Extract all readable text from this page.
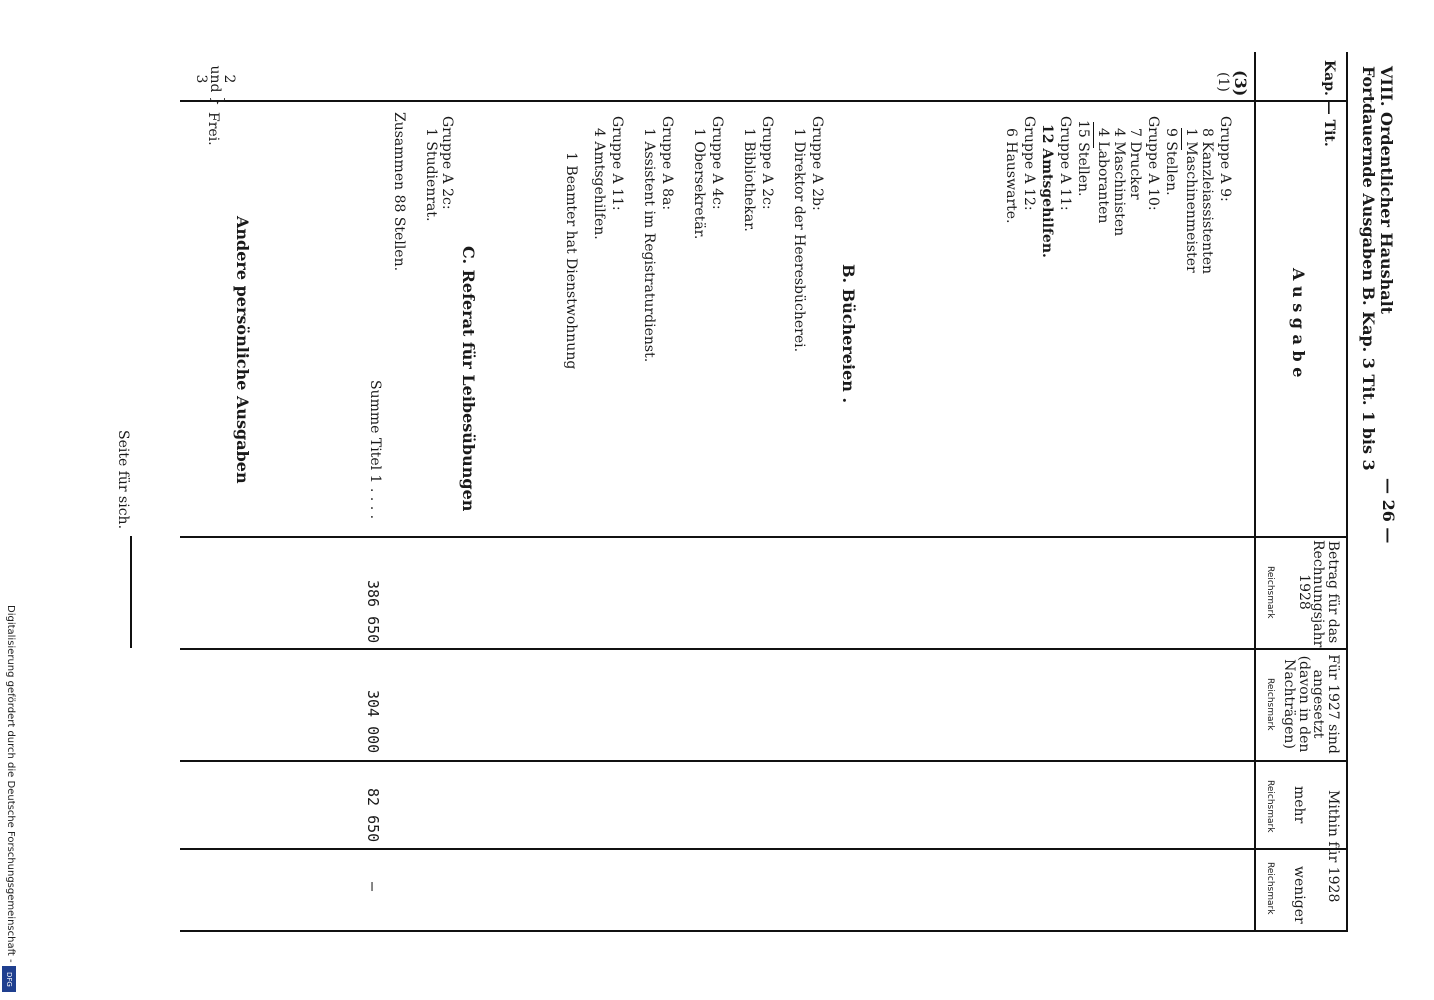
VIII. Ordentlicher Haushalt
— 26 —
Fortdauernde Ausgaben B. Kap. 3 Tit. 1 bis 3
Kap. — Tit.
A u s g a b e
Betrag für das Rechnungsjahr 1928
Reichsmark
Für 1927 sind angesetzt (davon in den Nachträgen)
Reichsmark
Mithin für 1928
mehr
Reichsmark
weniger
Reichsmark
(3)
(1)
Gruppe A 9:
8 Kanzleiassistenten
1 Maschinenmeister
9 Stellen.
Gruppe A 10:
7 Drucker
4 Maschinisten
4 Laboranten
15 Stellen.
Gruppe A 11:
12 Amtsgehilfen.
Gruppe A 12:
6 Hauswarte.
B. Büchereien .
Gruppe A 2b:
1 Direktor der Heeresbücherei.
Gruppe A 2c:
1 Bibliothekar.
Gruppe A 4c:
1 Obersekretär.
Gruppe A 8a:
1 Assistent im Registraturdienst.
Gruppe A 11:
4 Amtsgehilfen.
1 Beamter hat Dienstwohnung
C. Referat für Leibesübungen
Gruppe A 2c:
1 Studienrat.
Zusammen 88 Stellen.
Summe Titel 1 . . . .
386 650
304 000
82 650
—
2 und 3
}
Frei.
Andere persönliche Ausgaben
Seite für sich.
Digitalisierung gefördert durch die Deutsche Forschungsgemeinschaft -
DFG
